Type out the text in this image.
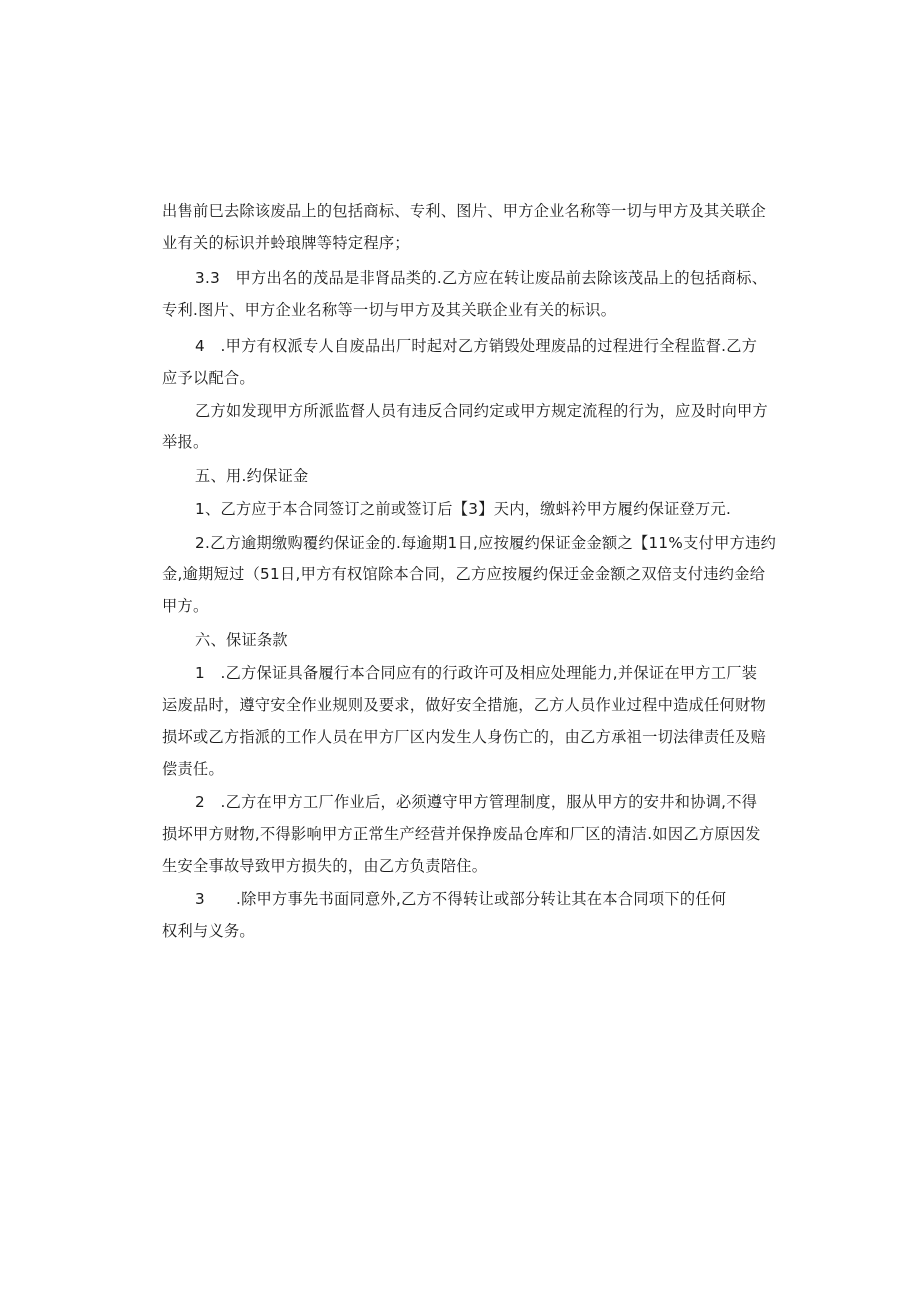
出售前巳去除该废品上的包括商标、专利、图片、甲方企业名称等一切与甲方及其关联企
业有关的标识并蛉琅牌等特定程序；
3.3　甲方出名的茂品是非肾品类的.乙方应在转让废品前去除该茂品上的包括商标、
专利.图片、甲方企业名称等一切与甲方及其关联企业有关的标识。
4　.甲方有权派专人自废品出厂时起对乙方销毁处理废品的过程进行全程监督.乙方
应予以配合。
乙方如发现甲方所派监督人员有违反合同约定或甲方规定流程的行为，应及时向甲方
举报。
五、用.约保证金
1、乙方应于本合同签订之前或签订后【3】天内，缴蚪衿甲方履约保证登万元.
2.乙方逾期缴购覆约保证金的.每逾期1日,应按履约保证金金额之【11%支付甲方违约
金,逾期短过（51日,甲方有权馆除本合同，乙方应按履约保迂金金额之双倍支付违约金给
甲方。
六、保证条款
1　.乙方保证具备履行本合同应有的行政许可及相应处理能力,并保证在甲方工厂装
运废品时，遵守安全作业规则及要求，做好安全措施，乙方人员作业过程中造成任何财物
损坏或乙方指派的工作人员在甲方厂区内发生人身伤亡的，由乙方承祖一切法律责任及赔
偿责任。
2　.乙方在甲方工厂作业后，必须遵守甲方管理制度，服从甲方的安井和协调,不得
损坏甲方财物,不得影响甲方正常生产经营并保挣废品仓库和厂区的清洁.如因乙方原因发
生安全事故导致甲方损失的，由乙方负责陪住。
3　　.除甲方事先书面同意外,乙方不得转让或部分转让其在本合同项下的任何
权利与义务。
